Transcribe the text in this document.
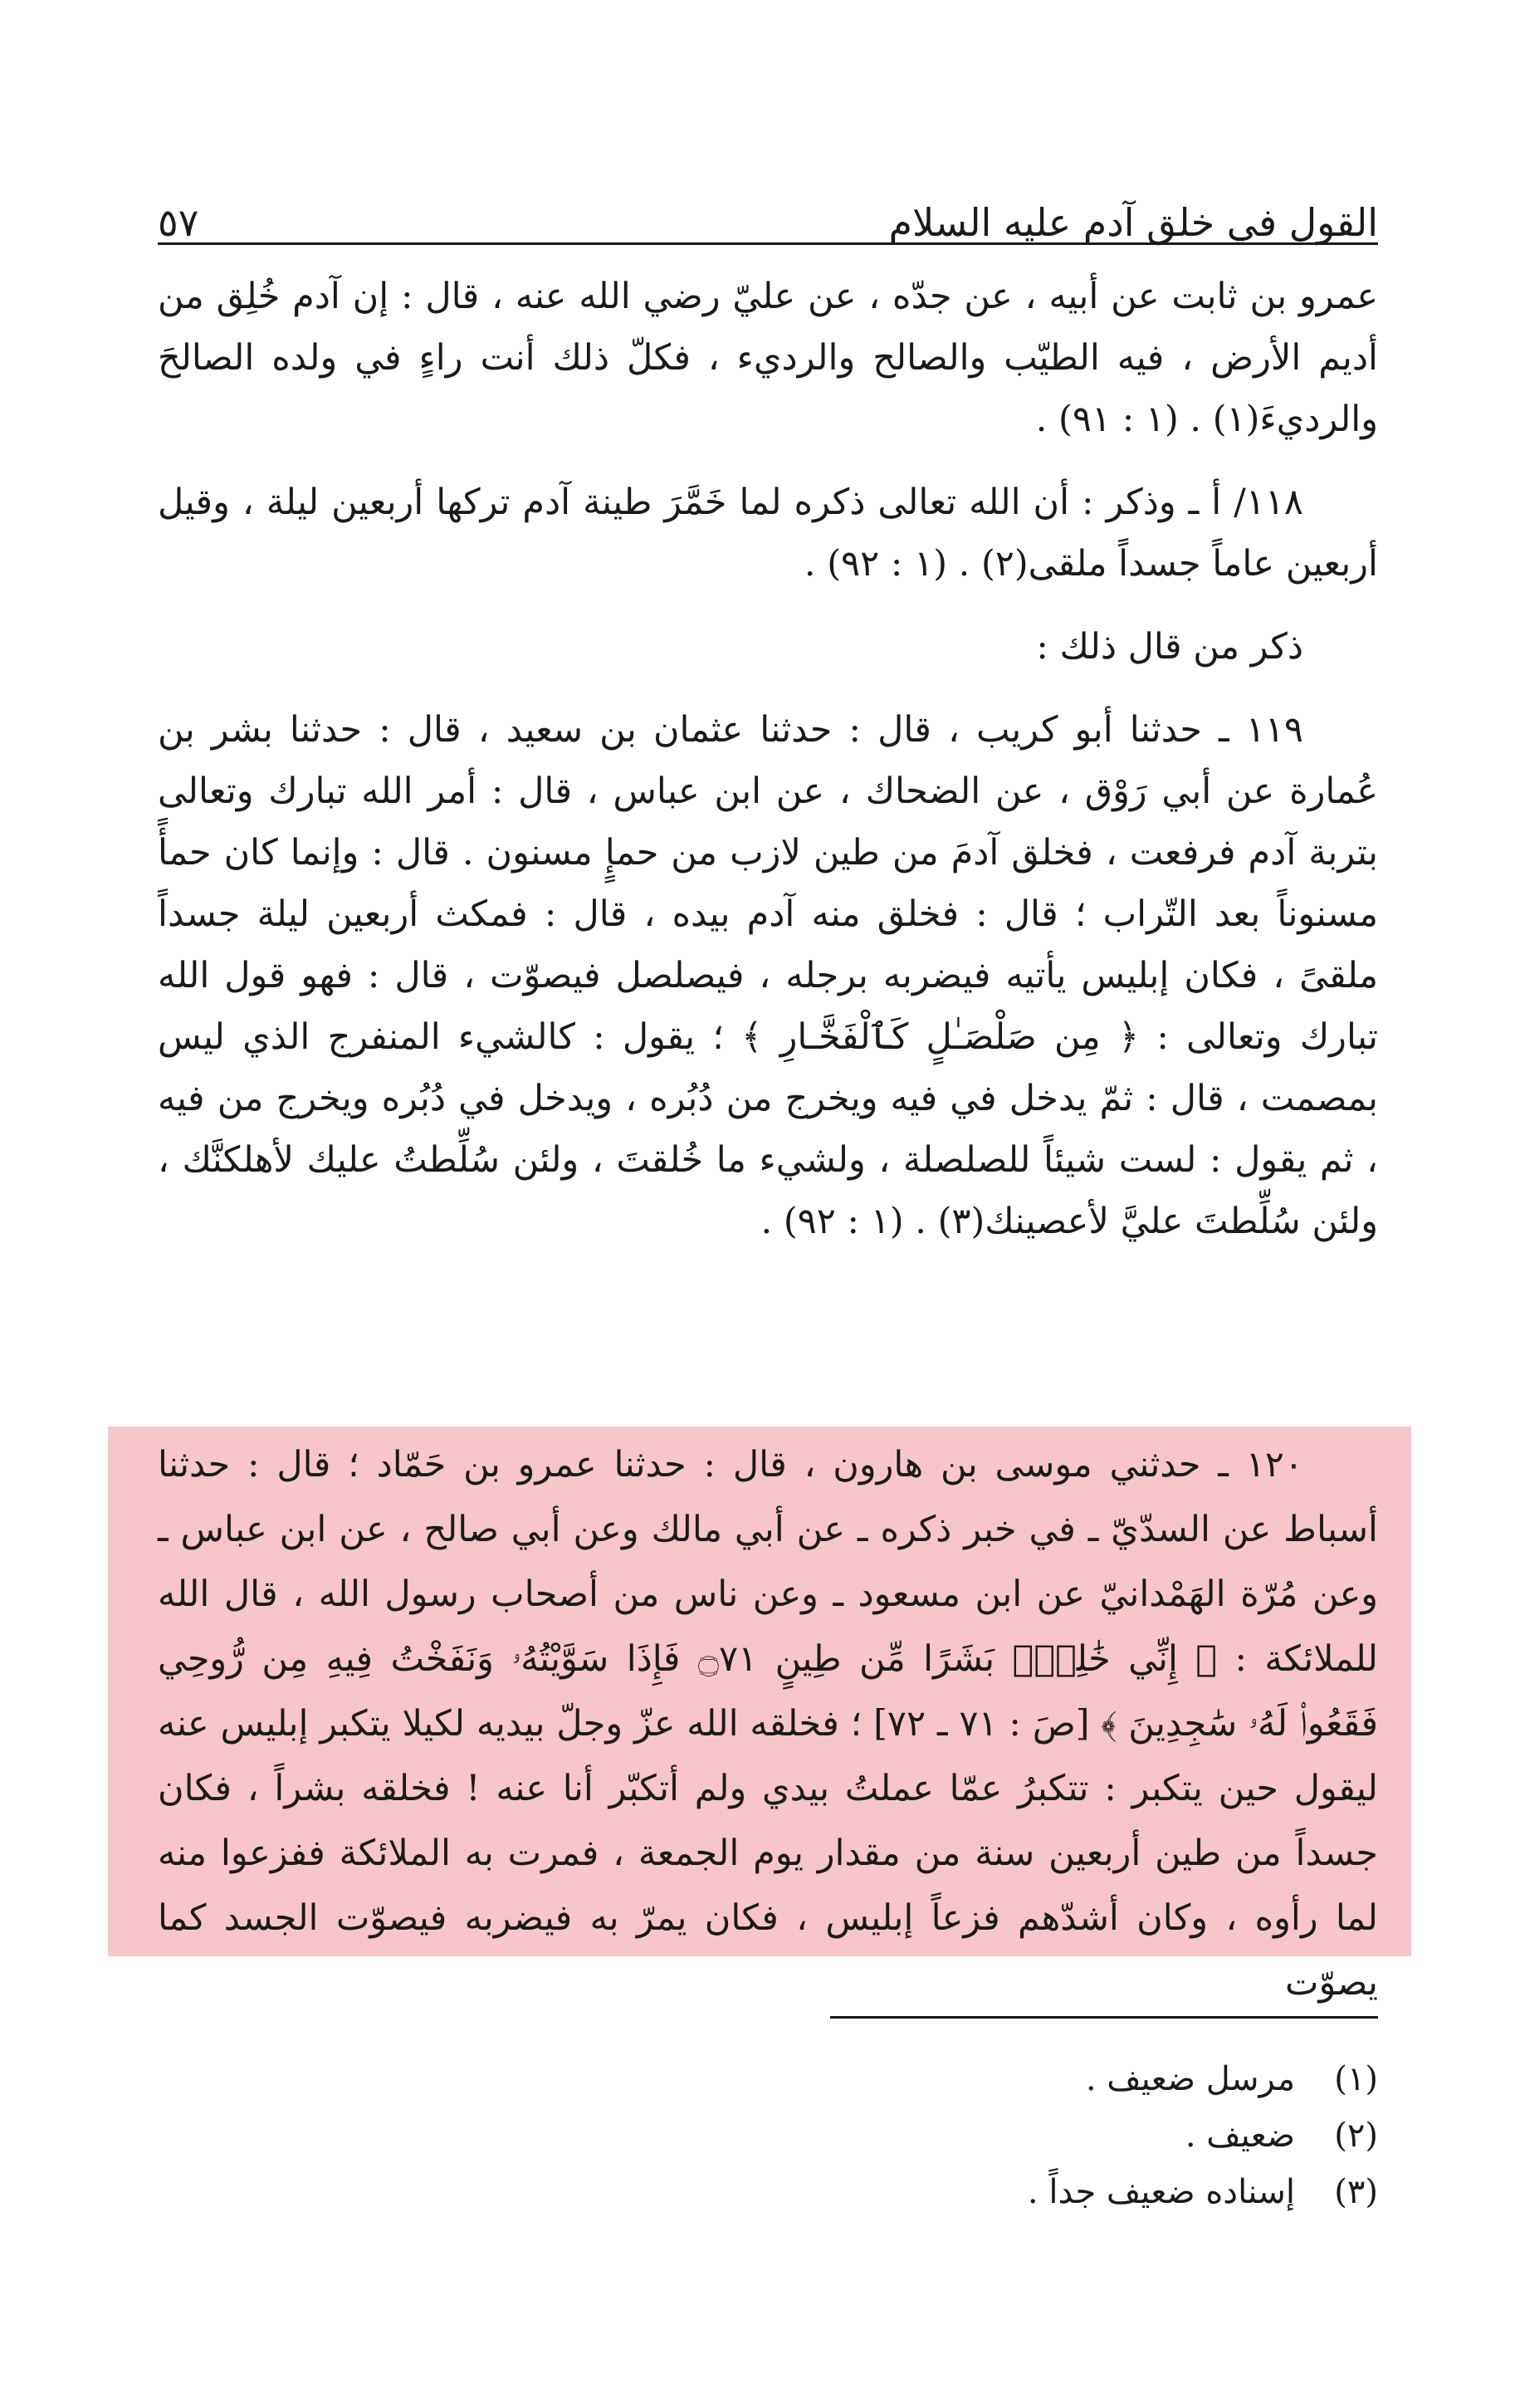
القول في خلق آدم عليه السلام
٥٧

عمرو بن ثابت عن أبيه ، عن جدّه ، عن عليّ رضي الله عنه ، قال : إن آدم خُلِق من أديم الأرض ، فيه الطيّب والصالح والرديء ، فكلّ ذلك أنت راءٍ في ولده الصالحَ والرديءَ(١) . (١ : ٩١) .

١١٨/ أ ـ وذكر : أن الله تعالى ذكره لما خَمَّرَ طينة آدم تركها أربعين ليلة ، وقيل أربعين عاماً جسداً ملقى(٢) . (١ : ٩٢) .

ذكر من قال ذلك :

١١٩ ـ حدثنا أبو كريب ، قال : حدثنا عثمان بن سعيد ، قال : حدثنا بشر بن عُمارة عن أبي رَوْق ، عن الضحاك ، عن ابن عباس ، قال : أمر الله تبارك وتعالى بتربة آدم فرفعت ، فخلق آدمَ من طين لازب من حمإٍ مسنون . قال : وإنما كان حمأً مسنوناً بعد التّراب ؛ قال : فخلق منه آدم بيده ، قال : فمكث أربعين ليلة جسداً ملقىً ، فكان إبليس يأتيه فيضربه برجله ، فيصلصل فيصوّت ، قال : فهو قول الله تبارك وتعالى : ﴿ مِن صَلْصَـٰلٍ كَٱلْفَخَّـارِ ﴾ ؛ يقول : كالشيء المنفرج الذي ليس بمصمت ، قال : ثمّ يدخل في فيه ويخرج من دُبُره ، ويدخل في دُبُره ويخرج من فيه ، ثم يقول : لست شيئاً للصلصلة ، ولشيء ما خُلقتَ ، ولئن سُلِّطتُ عليك لأهلكنَّك ، ولئن سُلِّطتَ عليَّ لأعصينك(٣) . (١ : ٩٢) .

١٢٠ ـ حدثني موسى بن هارون ، قال : حدثنا عمرو بن حَمّاد ؛ قال : حدثنا أسباط عن السدّيّ ـ في خبر ذكره ـ عن أبي مالك وعن أبي صالح ، عن ابن عباس ـ وعن مُرّة الهَمْدانيّ عن ابن مسعود ـ وعن ناس من أصحاب رسول الله ، قال الله للملائكة : ﴿ إِنِّي خَٰلِقٌۢ بَشَرًا مِّن طِينٍ ۝٧١ فَإِذَا سَوَّيْتُهُۥ وَنَفَخْتُ فِيهِ مِن رُّوحِي فَقَعُوا۟ لَهُۥ سَٰجِدِينَ ﴾ [صَ : ٧١ ـ ٧٢] ؛ فخلقه الله عزّ وجلّ بيديه لكيلا يتكبر إبليس عنه ليقول حين يتكبر : تتكبرُ عمّا عملتُ بيدي ولم أتكبّر أنا عنه ! فخلقه بشراً ، فكان جسداً من طين أربعين سنة من مقدار يوم الجمعة ، فمرت به الملائكة ففزعوا منه لما رأوه ، وكان أشدّهم فزعاً إبليس ، فكان يمرّ به فيضربه فيصوّت الجسد كما يصوّت
(١)
مرسل ضعيف .
(٢)
ضعيف .
(٣)
إسناده ضعيف جداً .
